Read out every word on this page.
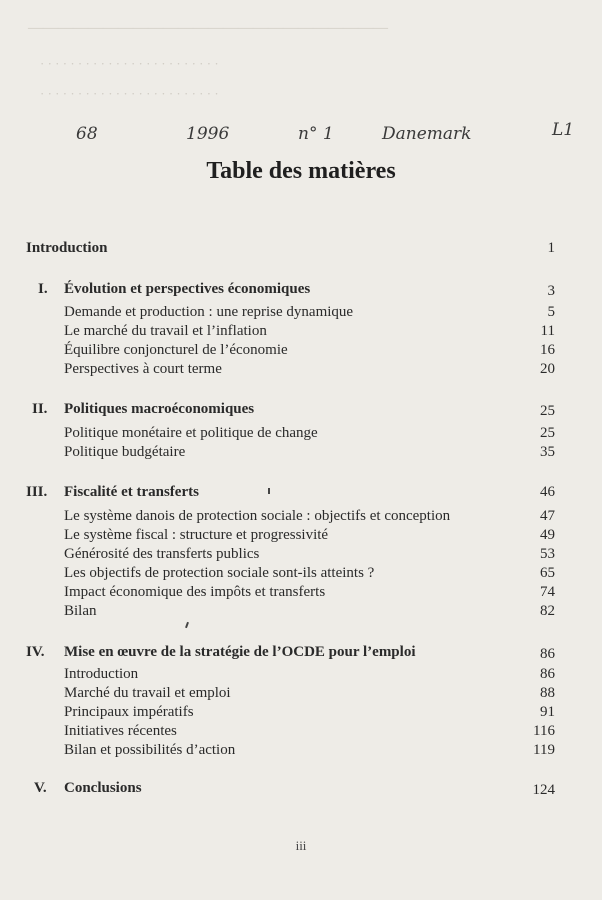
————————————————————————
· · · · · · · · · · · · · · · · · · · · · · · ·
· · · · · · · · · · · · · · · · · · · · · · · ·
68	1996	n° 1	Danemark	L1
Table des matières
Introduction	1
I. Évolution et perspectives économiques	3
Demande et production : une reprise dynamique	5
Le marché du travail et l’inflation	11
Équilibre conjoncturel de l’économie	16
Perspectives à court terme	20
II. Politiques macroéconomiques	25
Politique monétaire et politique de change	25
Politique budgétaire	35
III. Fiscalité et transferts	46
Le système danois de protection sociale : objectifs et conception	47
Le système fiscal : structure et progressivité	49
Générosité des transferts publics	53
Les objectifs de protection sociale sont-ils atteints ?	65
Impact économique des impôts et transferts	74
Bilan	82
IV. Mise en œuvre de la stratégie de l’OCDE pour l’emploi	86
Introduction	86
Marché du travail et emploi	88
Principaux impératifs	91
Initiatives récentes	116
Bilan et possibilités d’action	119
V. Conclusions	124
iii
